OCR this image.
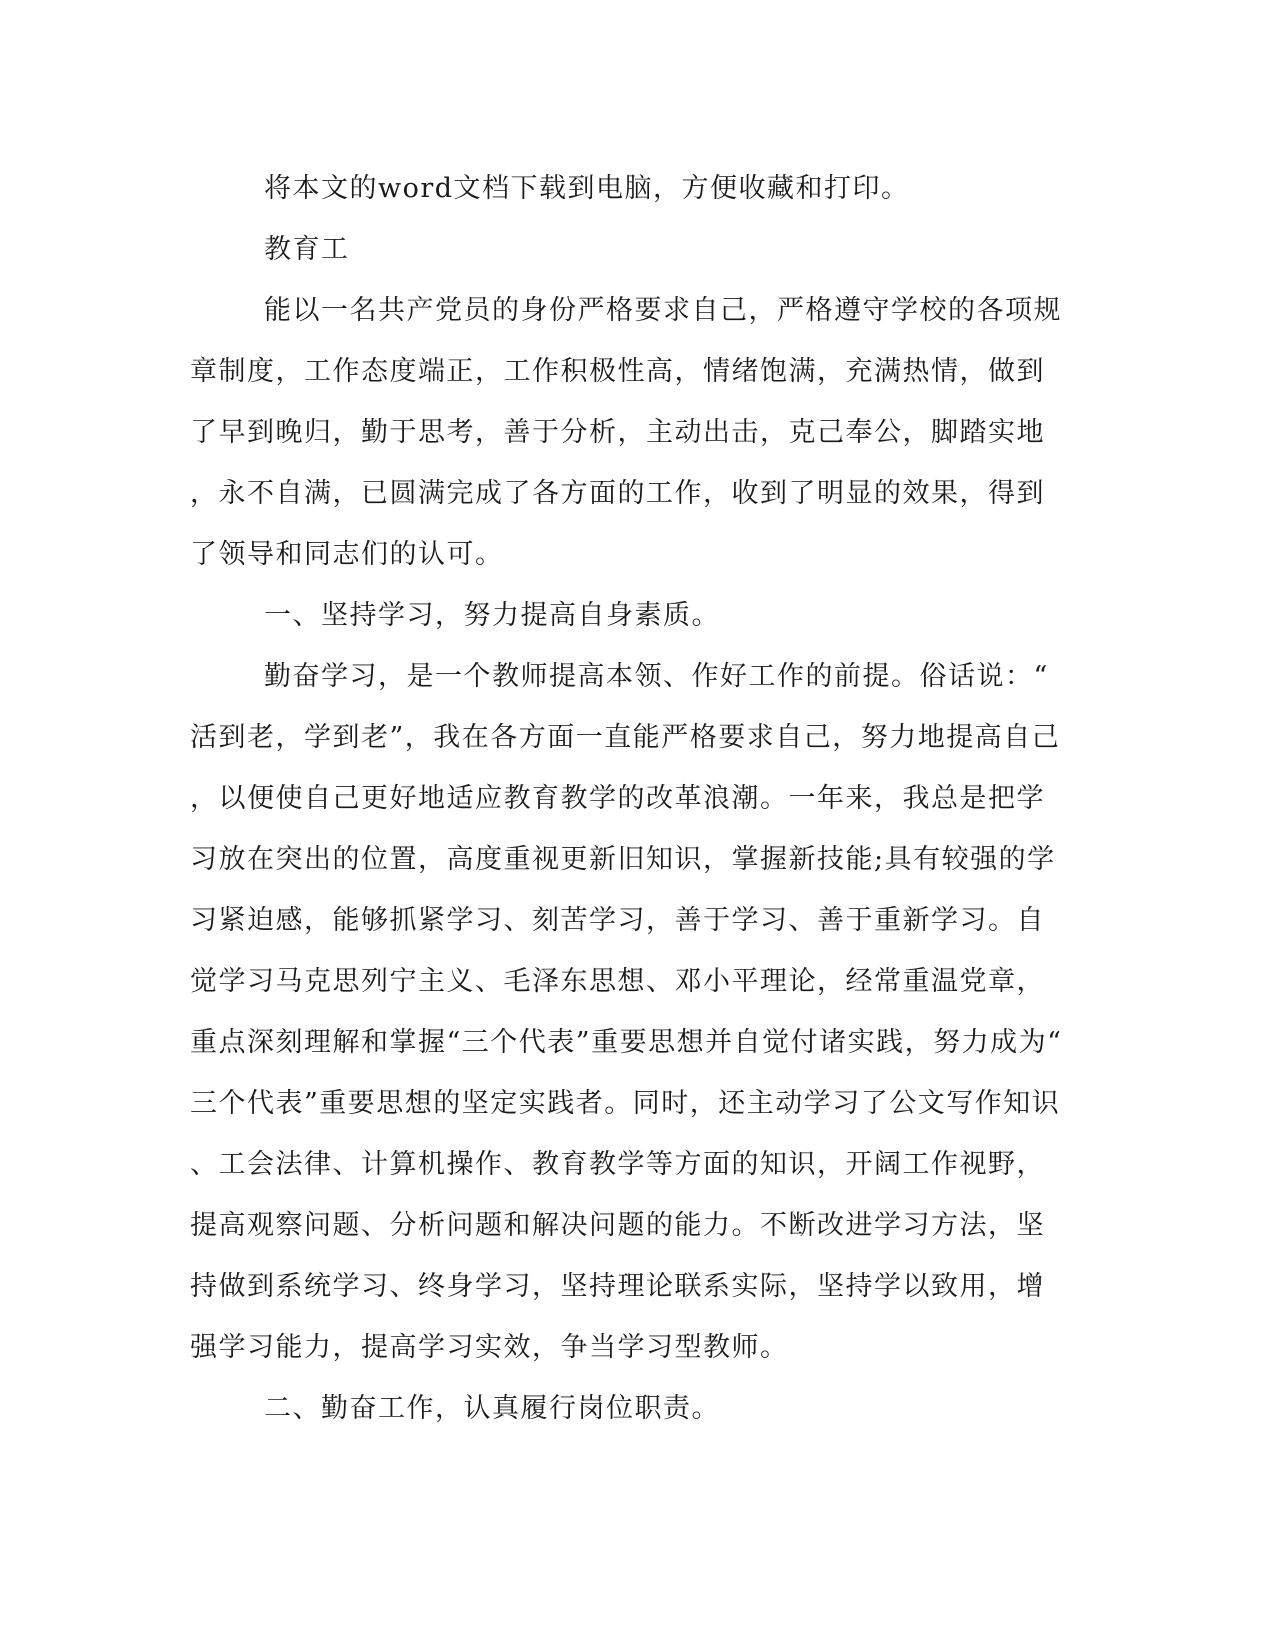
将本文的word文档下载到电脑，方便收藏和打印。
教育工
能以一名共产党员的身份严格要求自己，严格遵守学校的各项规
章制度，工作态度端正，工作积极性高，情绪饱满，充满热情，做到
了早到晚归，勤于思考，善于分析，主动出击，克己奉公，脚踏实地
，永不自满，已圆满完成了各方面的工作，收到了明显的效果，得到
了领导和同志们的认可。
一、坚持学习，努力提高自身素质。
勤奋学习，是一个教师提高本领、作好工作的前提。俗话说：“
活到老，学到老”，我在各方面一直能严格要求自己，努力地提高自己
，以便使自己更好地适应教育教学的改革浪潮。一年来，我总是把学
习放在突出的位置，高度重视更新旧知识，掌握新技能;具有较强的学
习紧迫感，能够抓紧学习、刻苦学习，善于学习、善于重新学习。自
觉学习马克思列宁主义、毛泽东思想、邓小平理论，经常重温党章，
重点深刻理解和掌握“三个代表”重要思想并自觉付诸实践，努力成为“
三个代表”重要思想的坚定实践者。同时，还主动学习了公文写作知识
、工会法律、计算机操作、教育教学等方面的知识，开阔工作视野，
提高观察问题、分析问题和解决问题的能力。不断改进学习方法，坚
持做到系统学习、终身学习，坚持理论联系实际，坚持学以致用，增
强学习能力，提高学习实效，争当学习型教师。
二、勤奋工作，认真履行岗位职责。
